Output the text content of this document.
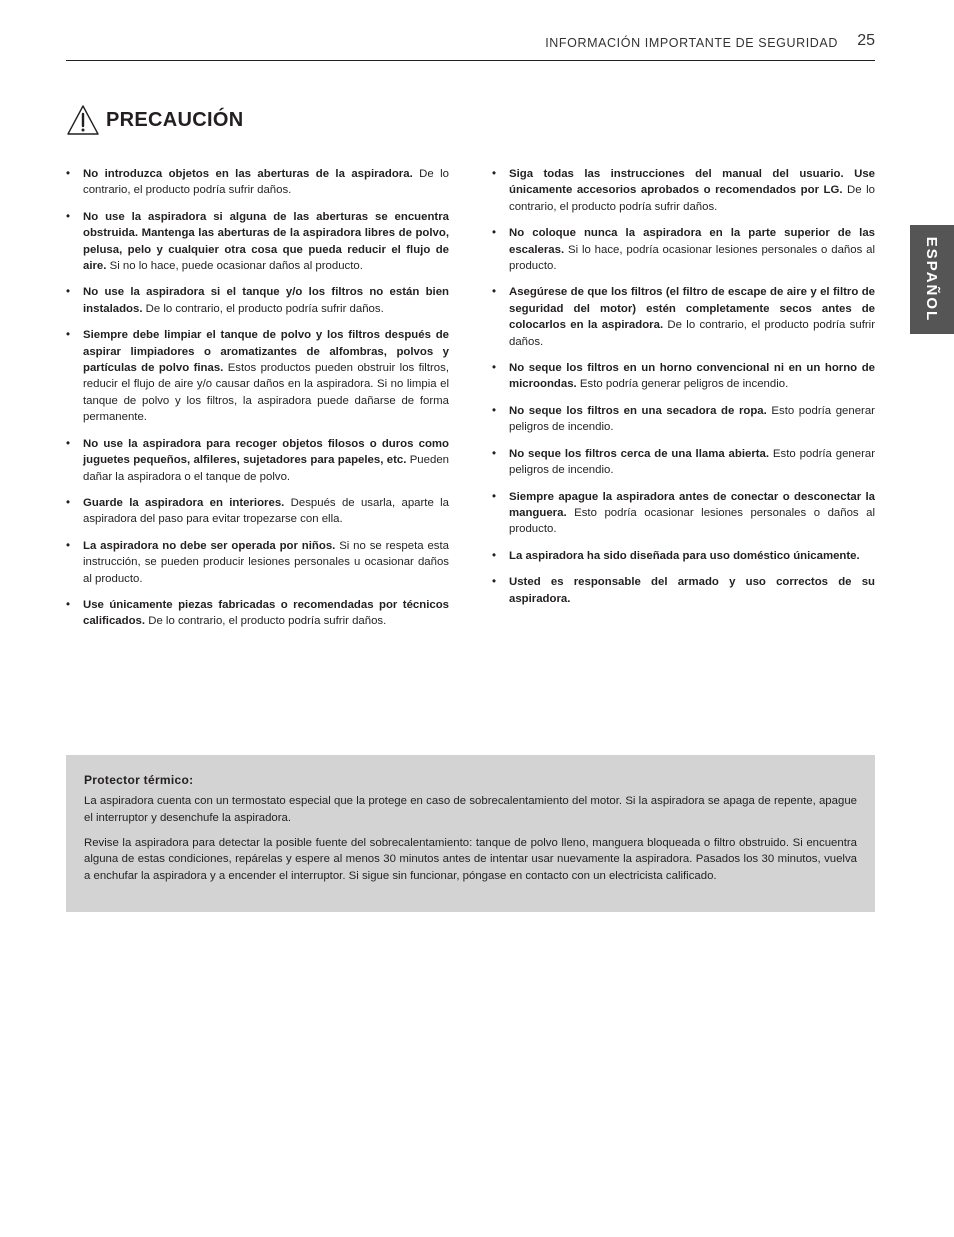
INFORMACIÓN IMPORTANTE DE SEGURIDAD 25
ESPAÑOL
PRECAUCIÓN
• No introduzca objetos en las aberturas de la aspiradora. De lo contrario, el producto podría sufrir daños.
• No use la aspiradora si alguna de las aberturas se encuentra obstruida. Mantenga las aberturas de la aspiradora libres de polvo, pelusa, pelo y cualquier otra cosa que pueda reducir el flujo de aire. Si no lo hace, puede ocasionar daños al producto.
• No use la aspiradora si el tanque y/o los filtros no están bien instalados. De lo contrario, el producto podría sufrir daños.
• Siempre debe limpiar el tanque de polvo y los filtros después de aspirar limpiadores o aromatizantes de alfombras, polvos y partículas de polvo finas. Estos productos pueden obstruir los filtros, reducir el flujo de aire y/o causar daños en la aspiradora. Si no limpia el tanque de polvo y los filtros, la aspiradora puede dañarse de forma permanente.
• No use la aspiradora para recoger objetos filosos o duros como juguetes pequeños, alfileres, sujetadores para papeles, etc. Pueden dañar la aspiradora o el tanque de polvo.
• Guarde la aspiradora en interiores. Después de usarla, aparte la aspiradora del paso para evitar tropezarse con ella.
• La aspiradora no debe ser operada por niños. Si no se respeta esta instrucción, se pueden producir lesiones personales u ocasionar daños al producto.
• Use únicamente piezas fabricadas o recomendadas por técnicos calificados. De lo contrario, el producto podría sufrir daños.
• Siga todas las instrucciones del manual del usuario. Use únicamente accesorios aprobados o recomendados por LG. De lo contrario, el producto podría sufrir daños.
• No coloque nunca la aspiradora en la parte superior de las escaleras. Si lo hace, podría ocasionar lesiones personales o daños al producto.
• Asegúrese de que los filtros (el filtro de escape de aire y el filtro de seguridad del motor) estén completamente secos antes de colocarlos en la aspiradora. De lo contrario, el producto podría sufrir daños.
• No seque los filtros en un horno convencional ni en un horno de microondas. Esto podría generar peligros de incendio.
• No seque los filtros en una secadora de ropa. Esto podría generar peligros de incendio.
• No seque los filtros cerca de una llama abierta. Esto podría generar peligros de incendio.
• Siempre apague la aspiradora antes de conectar o desconectar la manguera. Esto podría ocasionar lesiones personales o daños al producto.
• La aspiradora ha sido diseñada para uso doméstico únicamente.
• Usted es responsable del armado y uso correctos de su aspiradora.
Protector térmico:

La aspiradora cuenta con un termostato especial que la protege en caso de sobrecalentamiento del motor. Si la aspiradora se apaga de repente, apague el interruptor y desenchufe la aspiradora.

Revise la aspiradora para detectar la posible fuente del sobrecalentamiento: tanque de polvo lleno, manguera bloqueada o filtro obstruido. Si encuentra alguna de estas condiciones, repárelas y espere al menos 30 minutos antes de intentar usar nuevamente la aspiradora. Pasados los 30 minutos, vuelva a enchufar la aspiradora y a encender el interruptor. Si sigue sin funcionar, póngase en contacto con un electricista calificado.
